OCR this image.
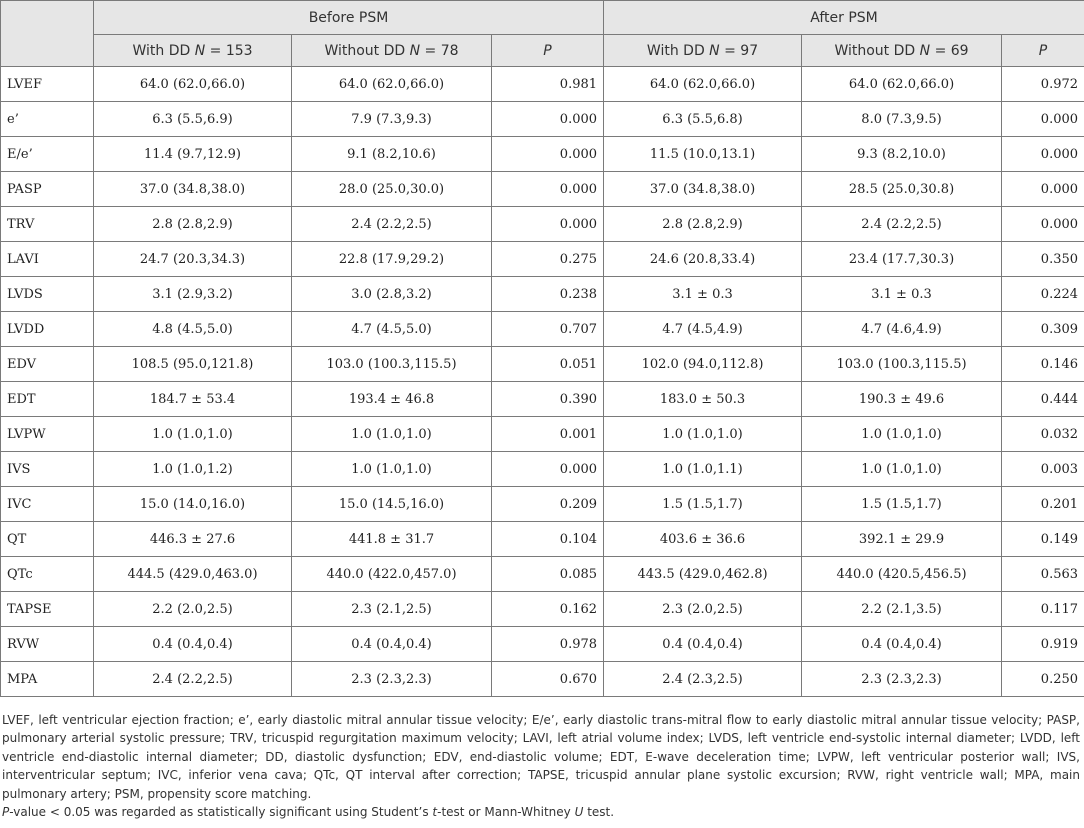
	Before PSM			After PSM		
	With DD N = 153	Without DD N = 78	P	With DD N = 97	Without DD N = 69	P
LVEF	64.0 (62.0,66.0)	64.0 (62.0,66.0)	0.981	64.0 (62.0,66.0)	64.0 (62.0,66.0)	0.972
e’	6.3 (5.5,6.9)	7.9 (7.3,9.3)	0.000	6.3 (5.5,6.8)	8.0 (7.3,9.5)	0.000
E/e’	11.4 (9.7,12.9)	9.1 (8.2,10.6)	0.000	11.5 (10.0,13.1)	9.3 (8.2,10.0)	0.000
PASP	37.0 (34.8,38.0)	28.0 (25.0,30.0)	0.000	37.0 (34.8,38.0)	28.5 (25.0,30.8)	0.000
TRV	2.8 (2.8,2.9)	2.4 (2.2,2.5)	0.000	2.8 (2.8,2.9)	2.4 (2.2,2.5)	0.000
LAVI	24.7 (20.3,34.3)	22.8 (17.9,29.2)	0.275	24.6 (20.8,33.4)	23.4 (17.7,30.3)	0.350
LVDS	3.1 (2.9,3.2)	3.0 (2.8,3.2)	0.238	3.1 ± 0.3	3.1 ± 0.3	0.224
LVDD	4.8 (4.5,5.0)	4.7 (4.5,5.0)	0.707	4.7 (4.5,4.9)	4.7 (4.6,4.9)	0.309
EDV	108.5 (95.0,121.8)	103.0 (100.3,115.5)	0.051	102.0 (94.0,112.8)	103.0 (100.3,115.5)	0.146
EDT	184.7 ± 53.4	193.4 ± 46.8	0.390	183.0 ± 50.3	190.3 ± 49.6	0.444
LVPW	1.0 (1.0,1.0)	1.0 (1.0,1.0)	0.001	1.0 (1.0,1.0)	1.0 (1.0,1.0)	0.032
IVS	1.0 (1.0,1.2)	1.0 (1.0,1.0)	0.000	1.0 (1.0,1.1)	1.0 (1.0,1.0)	0.003
IVC	15.0 (14.0,16.0)	15.0 (14.5,16.0)	0.209	1.5 (1.5,1.7)	1.5 (1.5,1.7)	0.201
QT	446.3 ± 27.6	441.8 ± 31.7	0.104	403.6 ± 36.6	392.1 ± 29.9	0.149
QTc	444.5 (429.0,463.0)	440.0 (422.0,457.0)	0.085	443.5 (429.0,462.8)	440.0 (420.5,456.5)	0.563
TAPSE	2.2 (2.0,2.5)	2.3 (2.1,2.5)	0.162	2.3 (2.0,2.5)	2.2 (2.1,3.5)	0.117
RVW	0.4 (0.4,0.4)	0.4 (0.4,0.4)	0.978	0.4 (0.4,0.4)	0.4 (0.4,0.4)	0.919
MPA	2.4 (2.2,2.5)	2.3 (2.3,2.3)	0.670	2.4 (2.3,2.5)	2.3 (2.3,2.3)	0.250

LVEF, left ventricular ejection fraction; e’, early diastolic mitral annular tissue velocity; E/e’, early diastolic trans-mitral flow to early diastolic mitral annular tissue velocity; PASP, pulmonary arterial systolic pressure; TRV, tricuspid regurgitation maximum velocity; LAVI, left atrial volume index; LVDS, left ventricle end-systolic internal diameter; LVDD, left ventricle end-diastolic internal diameter; DD, diastolic dysfunction; EDV, end-diastolic volume; EDT, E-wave deceleration time; LVPW, left ventricular posterior wall; IVS, interventricular septum; IVC, inferior vena cava; QTc, QT interval after correction; TAPSE, tricuspid annular plane systolic excursion; RVW, right ventricle wall; MPA, main pulmonary artery; PSM, propensity score matching.

P-value < 0.05 was regarded as statistically significant using Student’s t-test or Mann-Whitney U test.
